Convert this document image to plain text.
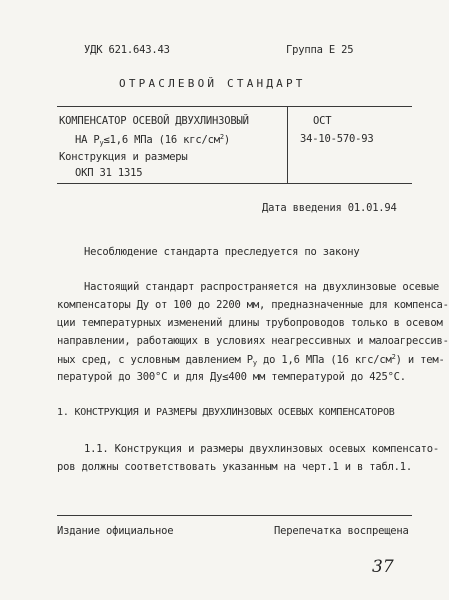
УДК 621.643.43	Группа Е 25
ОТРАСЛЕВОЙ СТАНДАРТ
КОМПЕНСАТОР ОСЕВОЙ ДВУХЛИНЗОВЫЙ
НА $P_у\le 1,6$ МПа (16 кгс/$см^2$)
Конструкция и размеры
ОКП 31 1315
ОСТ
34-10-570-93
Дата введения 01.01.94
Несоблюдение стандарта преследуется по закону
Настоящий стандарт распространяется на двухлинзовые осевые
компенсаторы Ду от 100 до 2200 мм, предназначенные для компенса-
ции температурных изменений длины трубопроводов только в осевом
направлении, работающих в условиях неагрессивных и малоагрессив-
ных сред, с условным давлением $P_у$ до 1,6 МПа (16 кгс/$см^2$) и тем-
пературой до 300°С и для Ду≤400 мм температурой до 425°С.
1. КОНСТРУКЦИЯ И РАЗМЕРЫ ДВУХЛИНЗОВЫХ ОСЕВЫХ КОМПЕНСАТОРОВ
1.1. Конструкция и размеры двухлинзовых осевых компенсато-
ров должны соответствовать указанным на черт.1 и в табл.1.
Издание официальное	Перепечатка воспрещена
37
